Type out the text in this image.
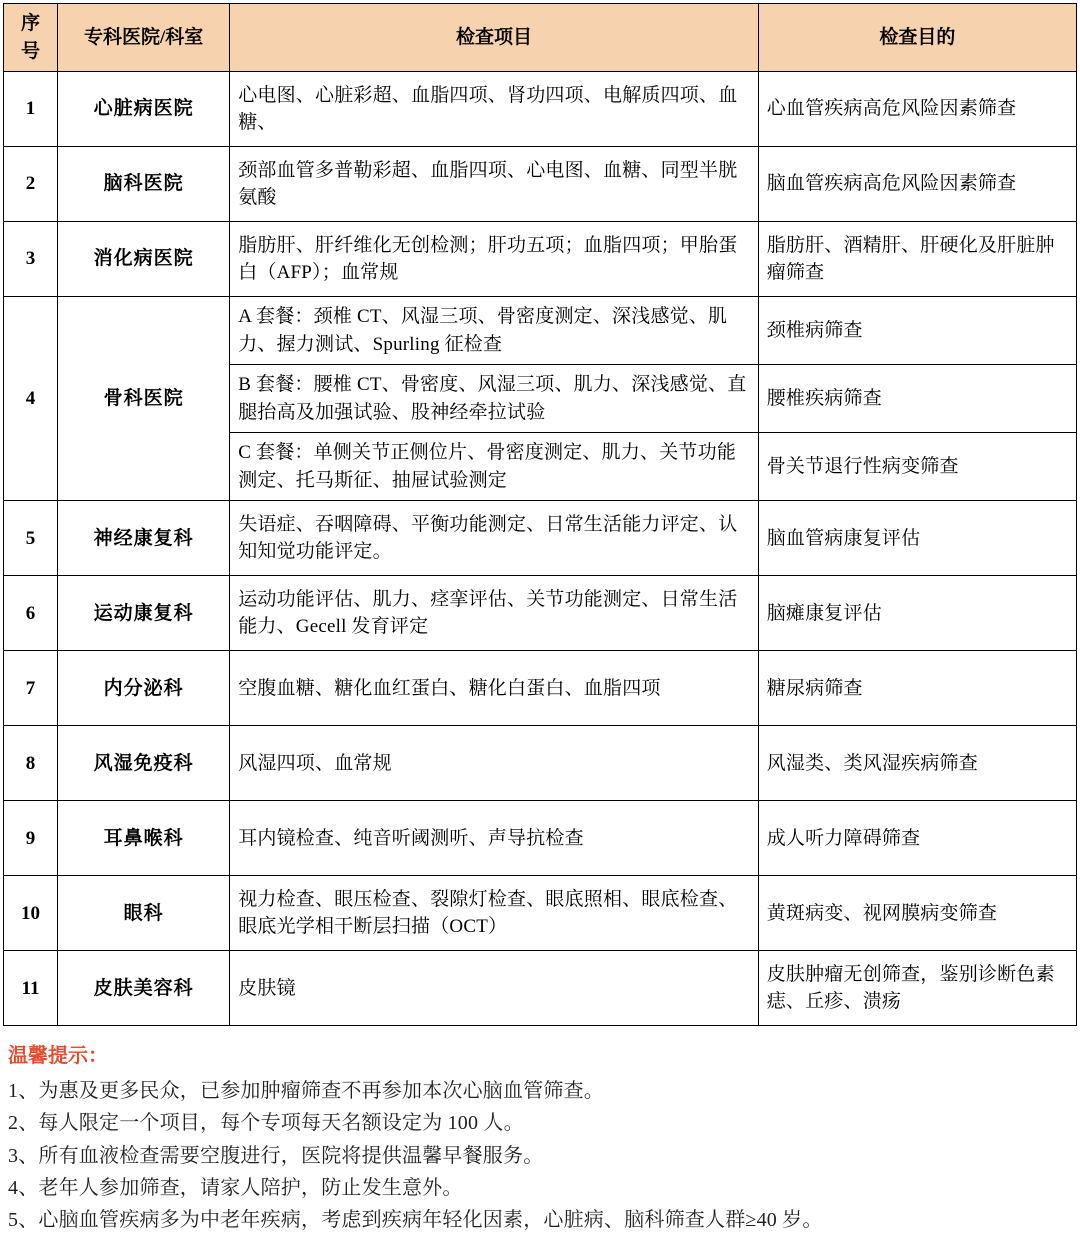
序号	专科医院/科室	检查项目	检查目的
1	心脏病医院	心电图、心脏彩超、血脂四项、肾功四项、电解质四项、血糖、	心血管疾病高危风险因素筛查
2	脑科医院	颈部血管多普勒彩超、血脂四项、心电图、血糖、同型半胱氨酸	脑血管疾病高危风险因素筛查
3	消化病医院	脂肪肝、肝纤维化无创检测；肝功五项；血脂四项；甲胎蛋白（AFP）；血常规	脂肪肝、酒精肝、肝硬化及肝脏肿瘤筛查
4	骨科医院	A 套餐：颈椎 CT、风湿三项、骨密度测定、深浅感觉、肌力、握力测试、Spurling 征检查	颈椎病筛查
		B 套餐：腰椎 CT、骨密度、风湿三项、肌力、深浅感觉、直腿抬高及加强试验、股神经牵拉试验	腰椎疾病筛查
		C 套餐：单侧关节正侧位片、骨密度测定、肌力、关节功能测定、托马斯征、抽屉试验测定	骨关节退行性病变筛查
5	神经康复科	失语症、吞咽障碍、平衡功能测定、日常生活能力评定、认知知觉功能评定。	脑血管病康复评估
6	运动康复科	运动功能评估、肌力、痉挛评估、关节功能测定、日常生活能力、Gecell 发育评定	脑瘫康复评估
7	内分泌科	空腹血糖、糖化血红蛋白、糖化白蛋白、血脂四项	糖尿病筛查
8	风湿免疫科	风湿四项、血常规	风湿类、类风湿疾病筛查
9	耳鼻喉科	耳内镜检查、纯音听阈测听、声导抗检查	成人听力障碍筛查
10	眼科	视力检查、眼压检查、裂隙灯检查、眼底照相、眼底检查、眼底光学相干断层扫描（OCT）	黄斑病变、视网膜病变筛查
11	皮肤美容科	皮肤镜	皮肤肿瘤无创筛查，鉴别诊断色素痣、丘疹、溃疡
温馨提示：
1、为惠及更多民众，已参加肿瘤筛查不再参加本次心脑血管筛查。
2、每人限定一个项目，每个专项每天名额设定为 100 人。
3、所有血液检查需要空腹进行，医院将提供温馨早餐服务。
4、老年人参加筛查，请家人陪护，防止发生意外。
5、心脑血管疾病多为中老年疾病，考虑到疾病年轻化因素，心脏病、脑科筛查人群≥40 岁。
